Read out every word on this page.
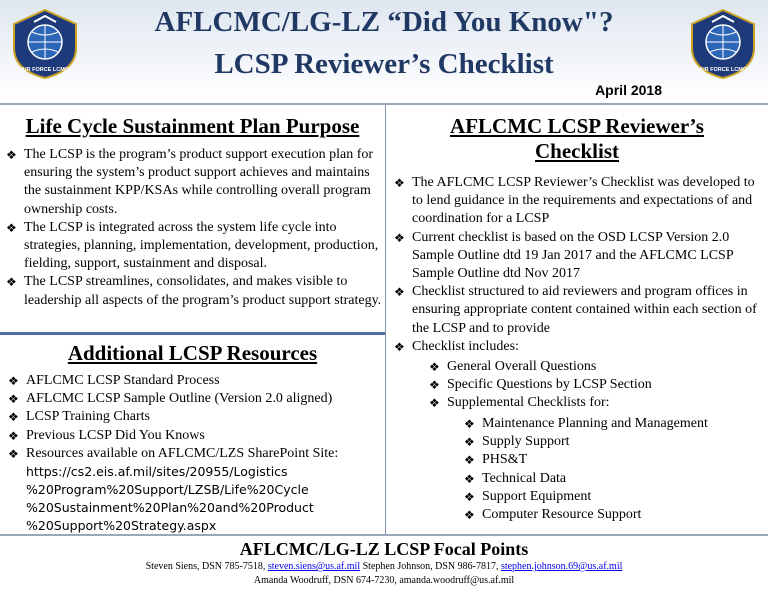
AIR FORCE LCMC	AIR FORCE LCMC
AFLCMC/LG-LZ “Did You Know"?
LCSP Reviewer’s Checklist
April 2018
Life Cycle Sustainment Plan Purpose
❖ The LCSP is the program’s product support execution plan for ensuring the system’s product support achieves and maintains the sustainment KPP/KSAs while controlling overall program ownership costs.
❖ The LCSP is integrated across the system life cycle into strategies, planning, implementation, development, production, fielding, support, sustainment and disposal.
❖ The LCSP streamlines, consolidates, and makes visible to leadership all aspects of the program’s product support strategy.
Additional LCSP Resources
❖ AFLCMC LCSP Standard Process
❖ AFLCMC LCSP Sample Outline (Version 2.0 aligned)
❖ LCSP Training Charts
❖ Previous LCSP Did You Knows
❖ Resources available on AFLCMC/LZS SharePoint Site:
https://cs2.eis.af.mil/sites/20955/Logistics
%20Program%20Support/LZSB/Life%20Cycle
%20Sustainment%20Plan%20and%20Product
%20Support%20Strategy.aspx
AFLCMC LCSP Reviewer’s
Checklist
❖ The AFLCMC LCSP Reviewer’s Checklist was developed to to lend guidance in the requirements and expectations of and coordination for a LCSP
❖ Current checklist is based on the OSD LCSP Version 2.0 Sample Outline dtd 19 Jan 2017 and the AFLCMC LCSP Sample Outline dtd Nov 2017
❖ Checklist structured to aid reviewers and program offices in ensuring appropriate content contained within each section of the LCSP and to provide
❖ Checklist includes:
❖ General Overall Questions
❖ Specific Questions by LCSP Section
❖ Supplemental Checklists for:
❖ Maintenance Planning and Management
❖ Supply Support
❖ PHS&T
❖ Technical Data
❖ Support Equipment
❖ Computer Resource Support
AFLCMC/LG-LZ LCSP Focal Points
Steven Siens, DSN 785-7518, steven.siens@us.af.mil Stephen Johnson, DSN 986-7817, stephen.johnson.69@us.af.mil
Amanda Woodruff, DSN 674-7230, amanda.woodruff@us.af.mil
